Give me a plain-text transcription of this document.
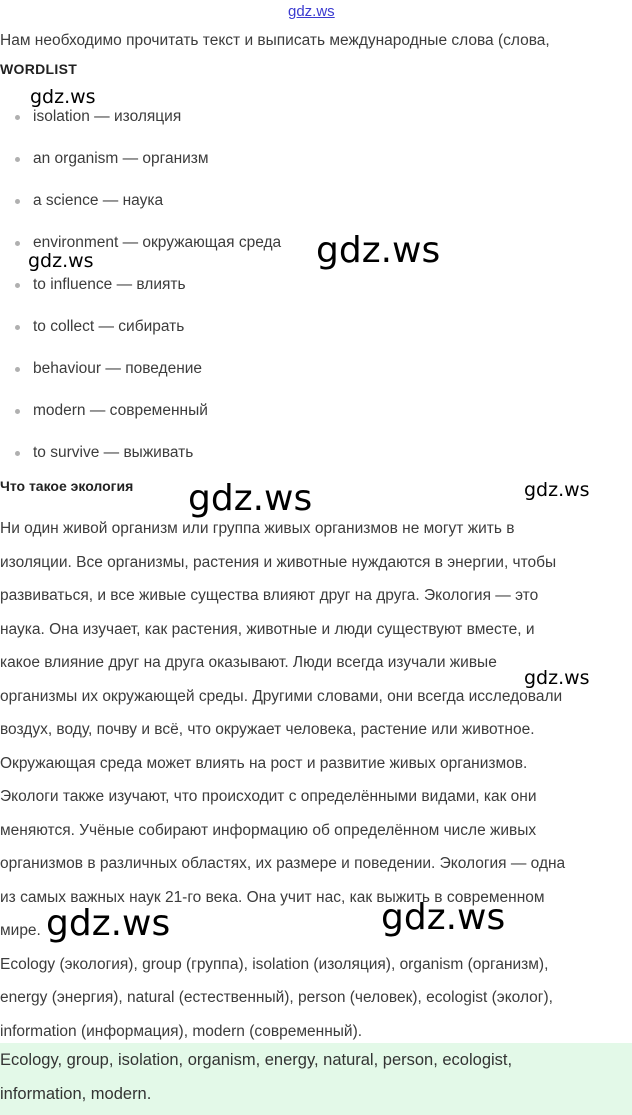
gdz.ws
Нам необходимо прочитать текст и выписать международные слова (слова,
WORDLIST
isolation — изоляция
an organism — организм
a science — наука
environment — окружающая среда
to influence — влиять
to collect — сибирать
behaviour — поведение
modern — современный
to survive — выживать
Что такое экология
Ни один живой организм или группа живых организмов не могут жить в
изоляции. Все организмы, растения и животные нуждаются в энергии, чтобы
развиваться, и все живые существа влияют друг на друга. Экология — это
наука. Она изучает, как растения, животные и люди существуют вместе, и
какое влияние друг на друга оказывают. Люди всегда изучали живые
организмы их окружающей среды. Другими словами, они всегда исследовали
воздух, воду, почву и всё, что окружает человека, растение или животное.
Окружающая среда может влиять на рост и развитие живых организмов.
Экологи также изучают, что происходит с определёнными видами, как они
меняются. Учёные собирают информацию об определённом числе живых
организмов в различных областях, их размере и поведении. Экология — одна
из самых важных наук 21-го века. Она учит нас, как выжить в современном
мире.
Ecology (экология), group (группа), isolation (изоляция), organism (организм),
energy (энергия), natural (естественный), person (человек), ecologist (эколог),
information (информация), modern (современный).
Ecology, group, isolation, organism, energy, natural, person, ecologist,
information, modern.
gdz.ws
gdz.ws	gdz.ws
gdz.ws	gdz.ws
gdz.ws
gdz.ws	gdz.ws
